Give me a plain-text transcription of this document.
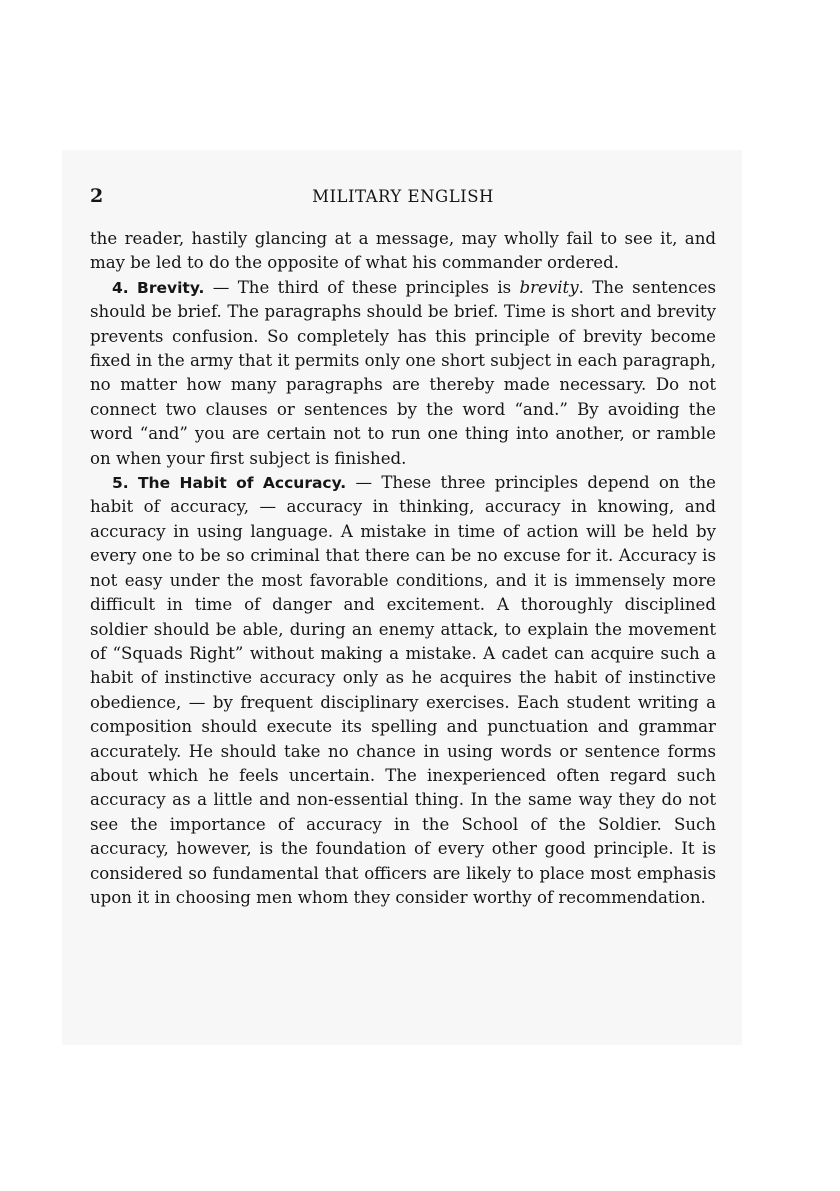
2	MILITARY ENGLISH

the reader, hastily glancing at a message, may wholly fail to see it, and may be led to do the opposite of what his commander ordered.

4. Brevity. — The third of these principles is brevity. The sentences should be brief. The paragraphs should be brief. Time is short and brevity prevents confusion. So completely has this principle of brevity become fixed in the army that it permits only one short subject in each paragraph, no matter how many paragraphs are thereby made necessary. Do not connect two clauses or sentences by the word “and.” By avoiding the word “and” you are certain not to run one thing into another, or ramble on when your first subject is finished.

5. The Habit of Accuracy. — These three principles depend on the habit of accuracy, — accuracy in thinking, accuracy in knowing, and accuracy in using language. A mistake in time of action will be held by every one to be so criminal that there can be no excuse for it. Accuracy is not easy under the most favorable conditions, and it is immensely more difficult in time of danger and excitement. A thoroughly disciplined soldier should be able, during an enemy attack, to explain the movement of “Squads Right” without making a mistake. A cadet can acquire such a habit of instinctive accuracy only as he acquires the habit of instinctive obedience, — by frequent disciplinary exercises. Each student writing a composition should execute its spelling and punctuation and grammar accurately. He should take no chance in using words or sentence forms about which he feels uncertain. The inexperienced often regard such accuracy as a little and non-essential thing. In the same way they do not see the importance of accuracy in the School of the Soldier. Such accuracy, however, is the foundation of every other good principle. It is considered so fundamental that officers are likely to place most emphasis upon it in choosing men whom they consider worthy of recommendation.
